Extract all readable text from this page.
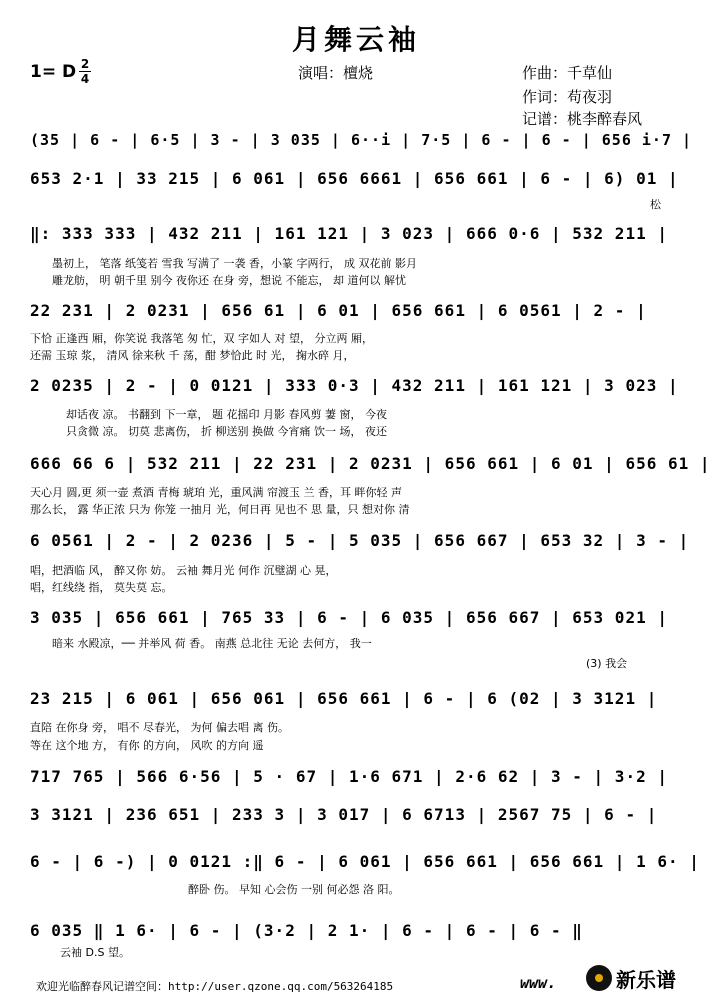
月舞云袖
1= D 2
4	演唱：檀烧	作曲：千草仙
作词：苟夜羽
记谱：桃李醉春风
(35 | 6 - | 6·5 | 3 - | 3 035 | 6··i | 7·5 | 6 - | 6 - | 656 i·7 |
653 2·1 | 33 215 | 6 061 | 656 6661 | 656 661 | 6 - | 6) 01 |
松
‖: 333 333 | 432 211 | 161 121 | 3 023 | 666 0·6 | 532 211 |
墨初上， 笔落 纸笺若 雪我 写满了 一袭 香，小篆 字两行， 成 双花前 影月
雕龙舫， 明 朝千里 别今 夜你还 在身 旁，想说 不能忘， 却 道何以 解忧
22 231 | 2 0231 | 656 61 | 6 01 | 656 661 | 6 0561 | 2 - |
下恰 正逢西 厢，你笑说 我落笔 匆 忙，双 字如人 对 望， 分立两 厢，
还需 玉琼 浆， 清风 徐来秋 千 荡，酣 梦恰此 时 光， 掬水碎 月，
2 0235 | 2 - | 0 0121 | 333 0·3 | 432 211 | 161 121 | 3 023 |
却话夜 凉。 书翻到 下一章， 题 花摇印 月影 春风剪 萋 窗， 今夜
只贪微 凉。 切莫 悲离伤， 折 柳送别 换做 今宵痛 饮一 场， 夜还
666 66 6 | 532 211 | 22 231 | 2 0231 | 656 661 | 6 01 | 656 61 |
天心月 圆,更 须一壶 煮酒 青梅 琥珀 光，重风满 帘渡玉 兰 香，耳 畔你轻 声
那么长， 露 华正浓 只为 你笼 一抽月 光，何日再 见也不 思 量，只 想对你 清
6 0561 | 2 - | 2 0236 | 5 - | 5 035 | 656 667 | 653 32 | 3 - |
唱，把酒临 风， 醉又你 妨。 云袖 舞月光 何作 沉璧湖 心 晃，
唱，红线绕 指， 莫失莫 忘。
3 035 | 656 661 | 765 33 | 6 - | 6 035 | 656 667 | 653 021 |
暗来 水殿凉，── 并举风 荷 香。 南燕 总北往 无论 去何方， 我一
(3) 我会
23 215 | 6 061 | 656 061 | 656 661 | 6 - | 6 (02 | 3 3121 |
直陪 在你身 旁， 唱不 尽春光， 为何 偏去唱 离 伤。
等在 这个地 方， 有你 的方向， 风吹 的方向 遥
717 765 | 566 6·56 | 5 · 67 | 1·6 671 | 2·6 62 | 3 - | 3·2 |
3 3121 | 236 651 | 233 3 | 3 017 | 6 6713 | 2567 75 | 6 - |
6 - | 6 -) | 0 0121 :‖ 6 - | 6 061 | 656 661 | 656 661 | 1 6· |
醉卧 伤。 早知 心会伤 一别 何必怨 洛 阳。
6 035 ‖ 1 6· | 6 - | (3·2 | 2 1· | 6 - | 6 - | 6 - ‖
云袖 D.S 望。
欢迎光临醉春风记谱空间：http://user.qzone.qq.com/563264185	www.	新乐谱
